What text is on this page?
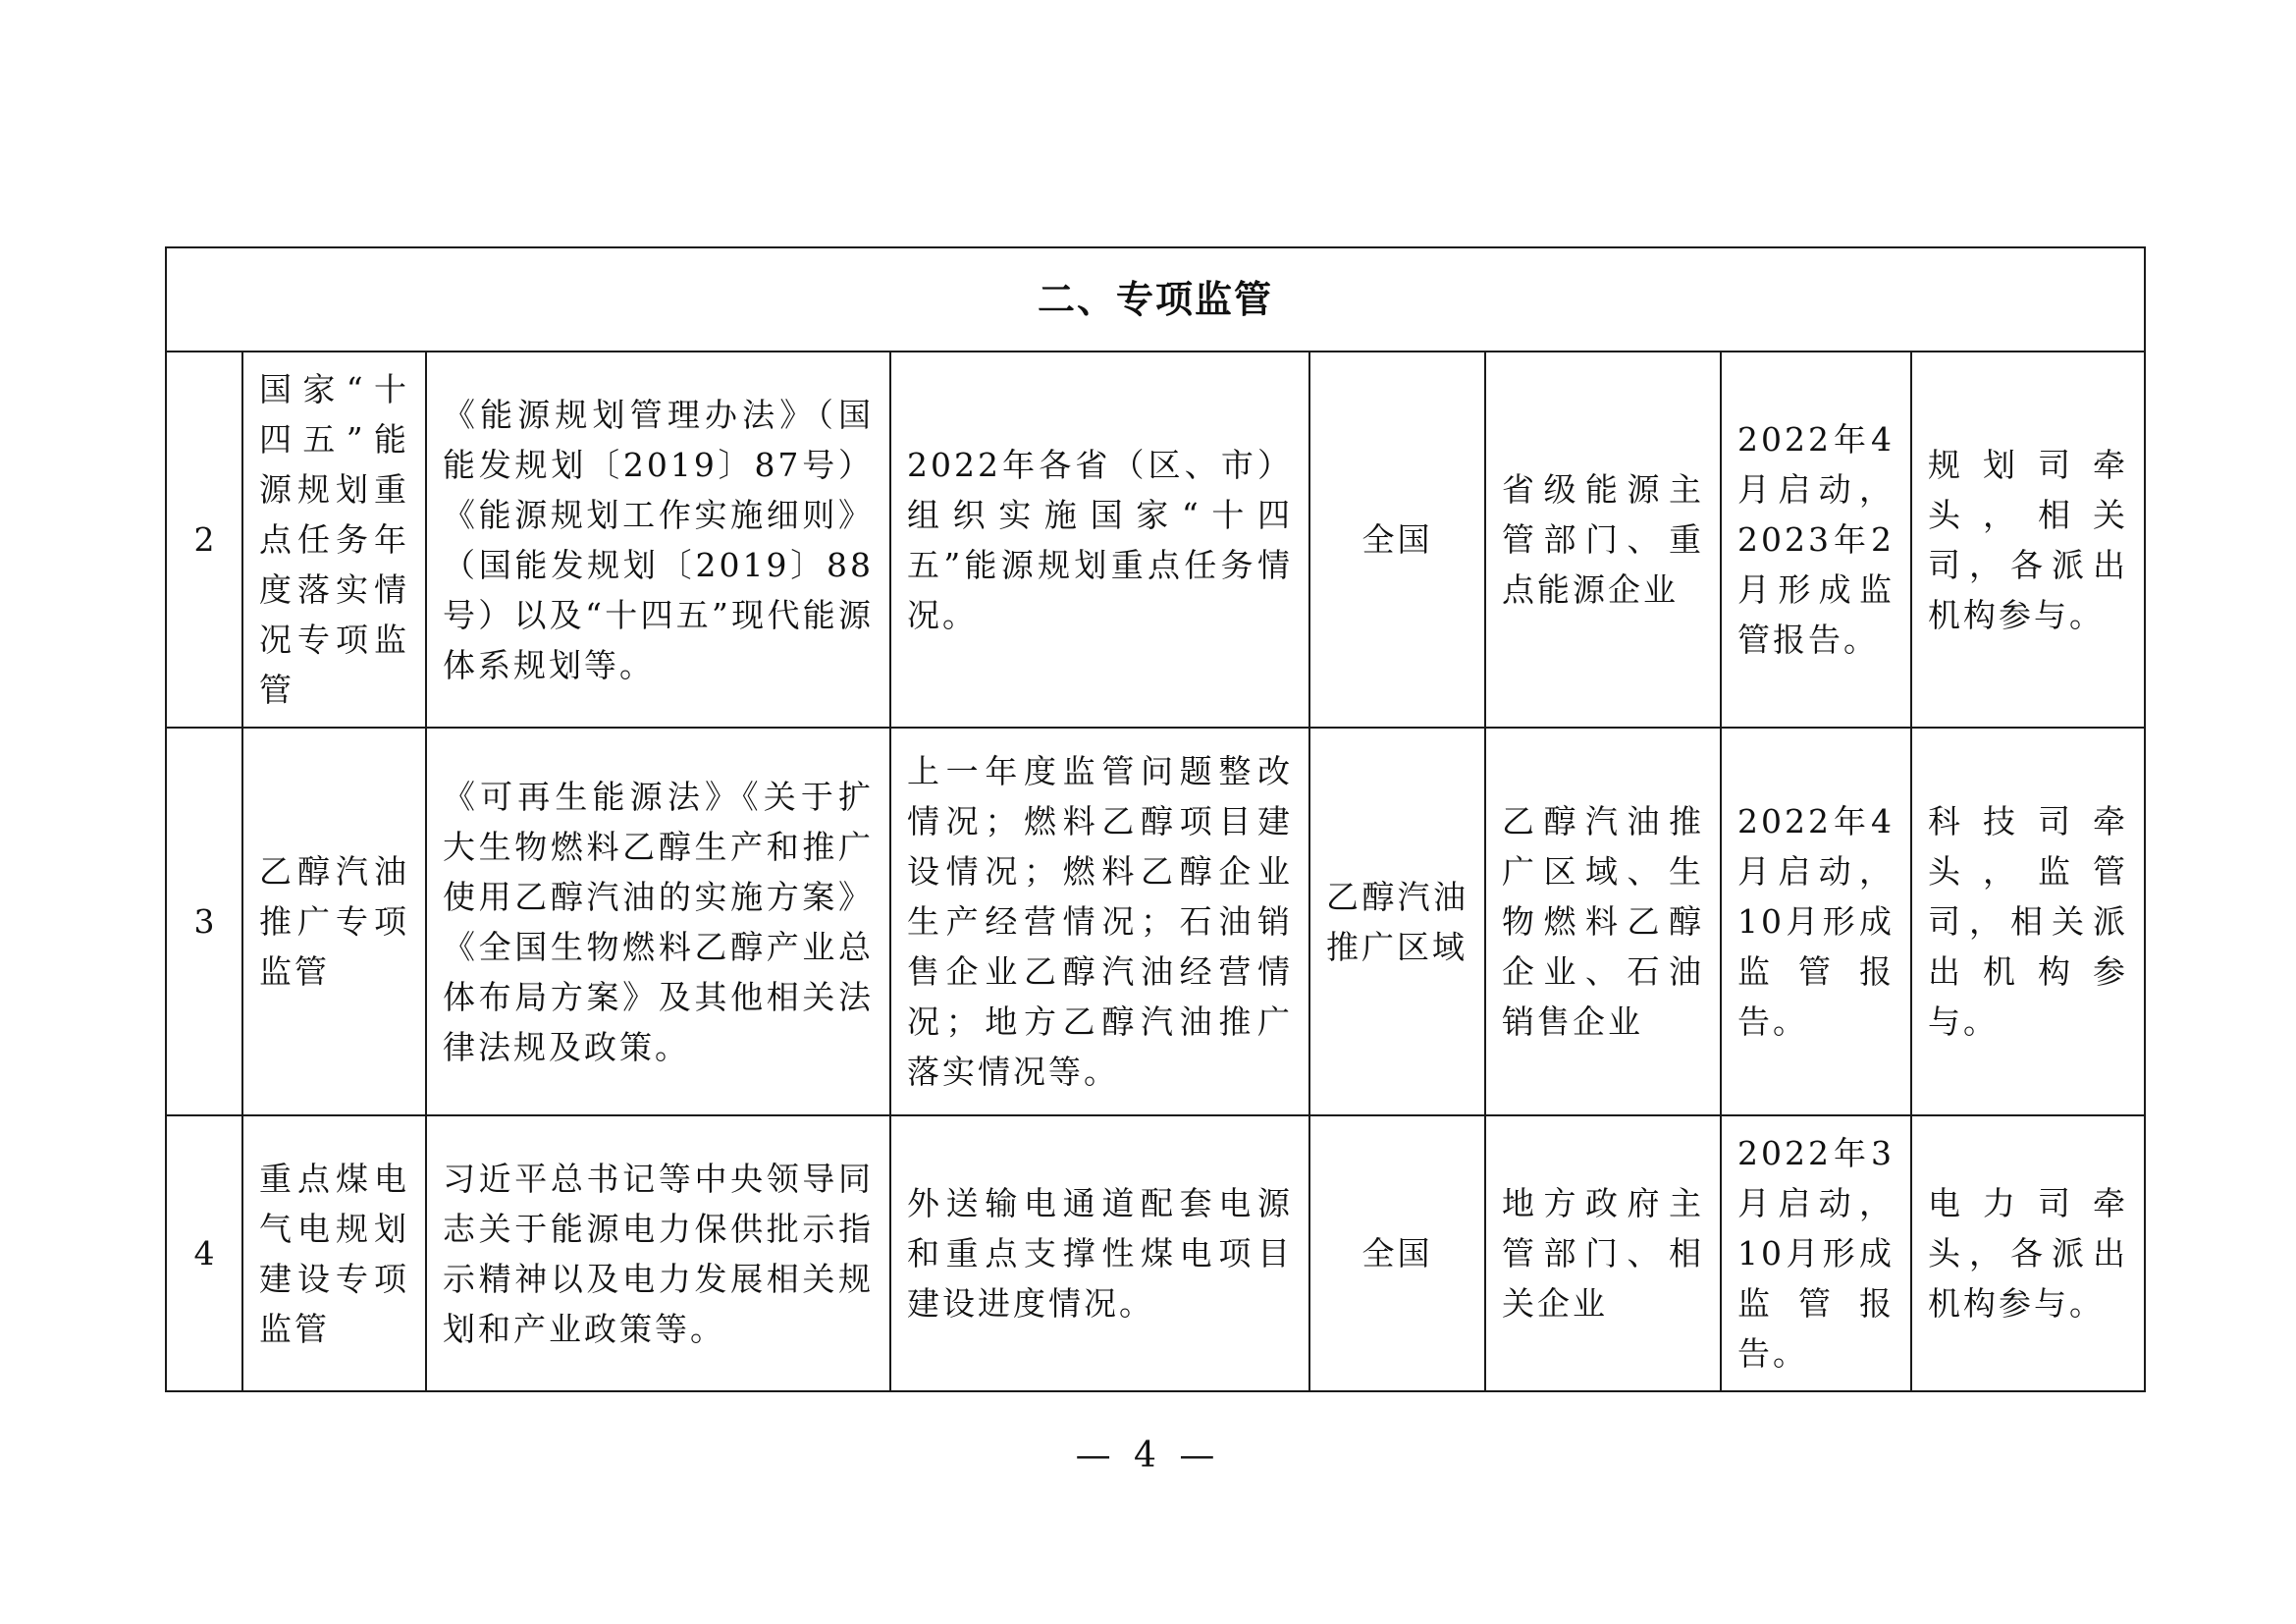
二、专项监管							
2	国家“十四五”能源规划重点任务年度落实情况专项监管	《能源规划管理办法》（国能发规划〔2019〕87号）《能源规划工作实施细则》（国能发规划〔2019〕88号）以及“十四五”现代能源体系规划等。	2022年各省（区、市）组织实施国家“十四五”能源规划重点任务情况。	全国	省级能源主管部门、重点能源企业	2022年4月启动，2023年2月形成监管报告。	规划司牵头，相关司，各派出机构参与。
3	乙醇汽油推广专项监管	《可再生能源法》《关于扩大生物燃料乙醇生产和推广使用乙醇汽油的实施方案》《全国生物燃料乙醇产业总体布局方案》及其他相关法律法规及政策。	上一年度监管问题整改情况；燃料乙醇项目建设情况；燃料乙醇企业生产经营情况；石油销售企业乙醇汽油经营情况；地方乙醇汽油推广落实情况等。	乙醇汽油推广区域	乙醇汽油推广区域、生物燃料乙醇企业、石油销售企业	2022年4月启动，10月形成监管报告。	科技司牵头，监管司，相关派出机构参与。
4	重点煤电气电规划建设专项监管	习近平总书记等中央领导同志关于能源电力保供批示指示精神以及电力发展相关规划和产业政策等。	外送输电通道配套电源和重点支撑性煤电项目建设进度情况。	全国	地方政府主管部门、相关企业	2022年3月启动，10月形成监管报告。	电力司牵头，各派出机构参与。
— 4 —
